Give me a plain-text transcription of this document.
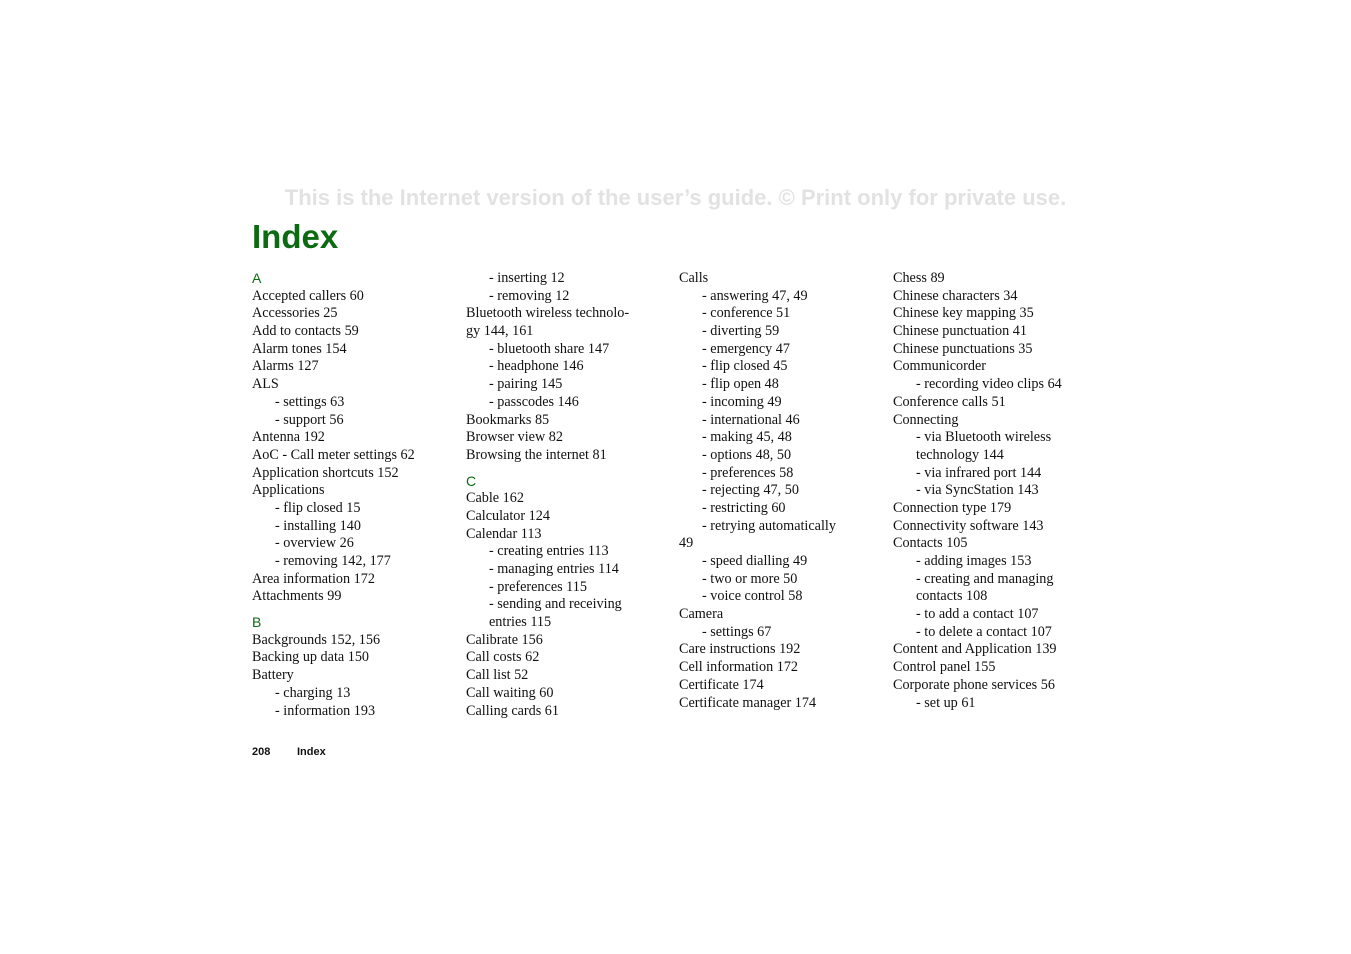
This is the Internet version of the user’s guide. © Print only for private use.

Index
A
Accepted callers 60
Accessories 25
Add to contacts 59
Alarm tones 154
Alarms 127
ALS
- settings 63
- support 56
Antenna 192
AoC - Call meter settings 62
Application shortcuts 152
Applications
- flip closed 15
- installing 140
- overview 26
- removing 142, 177
Area information 172
Attachments 99
B
Backgrounds 152, 156
Backing up data 150
Battery
- charging 13
- information 193
- inserting 12
- removing 12
Bluetooth wireless technolo-
gy 144, 161
- bluetooth share 147
- headphone 146
- pairing 145
- passcodes 146
Bookmarks 85
Browser view 82
Browsing the internet 81
C
Cable 162
Calculator 124
Calendar 113
- creating entries 113
- managing entries 114
- preferences 115
- sending and receiving
entries 115
Calibrate 156
Call costs 62
Call list 52
Call waiting 60
Calling cards 61
Calls
- answering 47, 49
- conference 51
- diverting 59
- emergency 47
- flip closed 45
- flip open 48
- incoming 49
- international 46
- making 45, 48
- options 48, 50
- preferences 58
- rejecting 47, 50
- restricting 60
- retrying automatically
49
- speed dialling 49
- two or more 50
- voice control 58
Camera
- settings 67
Care instructions 192
Cell information 172
Certificate 174
Certificate manager 174
Chess 89
Chinese characters 34
Chinese key mapping 35
Chinese punctuation 41
Chinese punctuations 35
Communicorder
- recording video clips 64
Conference calls 51
Connecting
- via Bluetooth wireless
technology 144
- via infrared port 144
- via SyncStation 143
Connection type 179
Connectivity software 143
Contacts 105
- adding images 153
- creating and managing
contacts 108
- to add a contact 107
- to delete a contact 107
Content and Application 139
Control panel 155
Corporate phone services 56
- set up 61
208 Index
